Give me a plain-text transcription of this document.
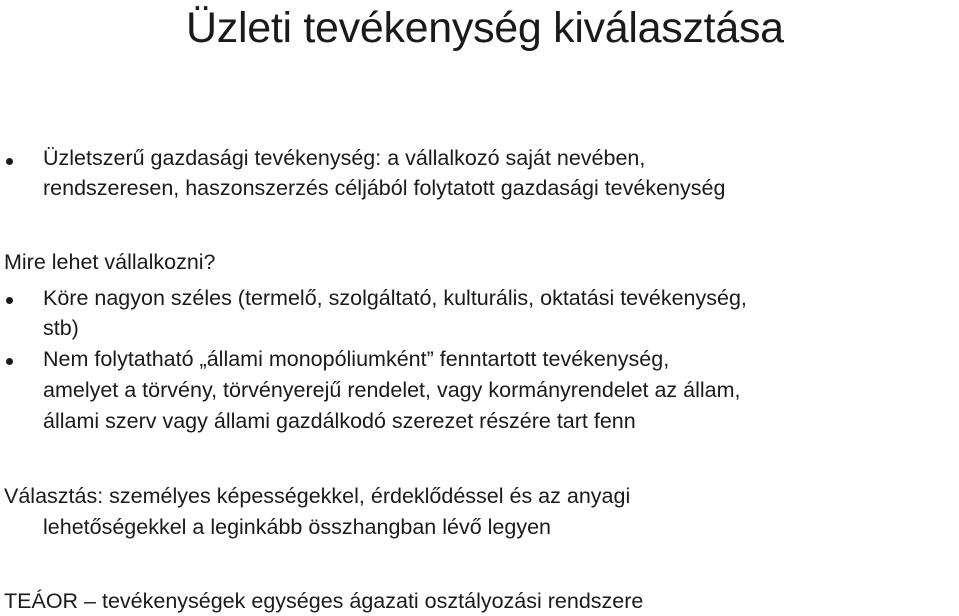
Üzleti tevékenység kiválasztása

Üzletszerű gazdasági tevékenység: a vállalkozó saját nevében,

rendszeresen, haszonszerzés céljából folytatott gazdasági tevékenység

Mire lehet vállalkozni?

Köre nagyon széles (termelő, szolgáltató, kulturális, oktatási tevékenység,

stb)

Nem folytatható „állami monopóliumként” fenntartott tevékenység,

amelyet a törvény, törvényerejű rendelet, vagy kormányrendelet az állam,

állami szerv vagy állami gazdálkodó szerezet részére tart fenn

Választás: személyes képességekkel, érdeklődéssel és az anyagi

lehetőségekkel a leginkább összhangban lévő legyen

TEÁOR – tevékenységek egységes ágazati osztályozási rendszere
